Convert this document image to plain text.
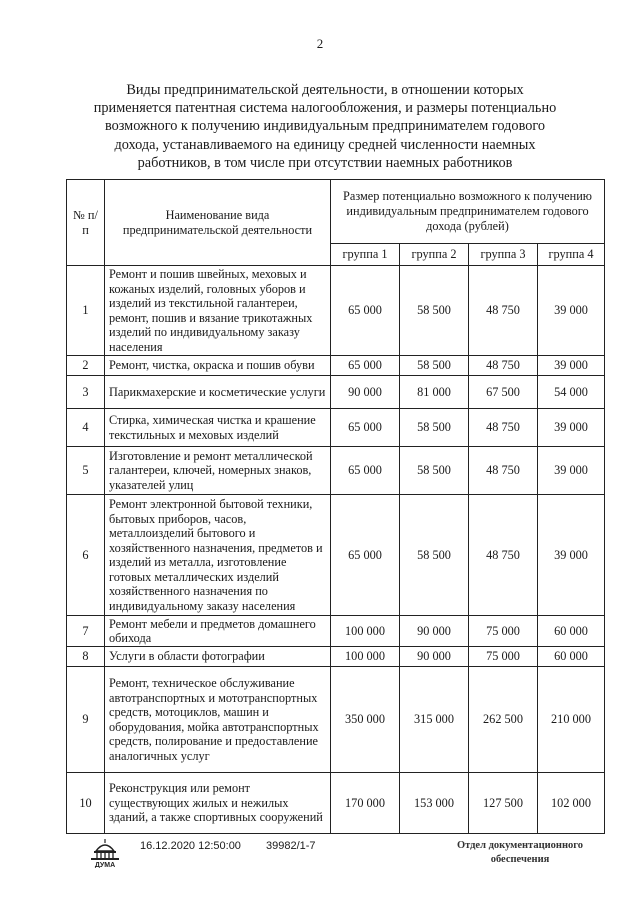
2
Виды предпринимательской деятельности, в отношении которых
применяется патентная система налогообложения, и размеры потенциально
возможного к получению индивидуальным предпринимателем годового
дохода, устанавливаемого на единицу средней численности наемных
работников, в том числе при отсутствии наемных работников
№ п/п	Наименование вида предпринимательской деятельности	Размер потенциально возможного к получению индивидуальным предпринимателем годового дохода (рублей)			
		группа 1	группа 2	группа 3	группа 4
1	Ремонт и пошив швейных, меховых и кожаных изделий, головных уборов и изделий из текстильной галантереи, ремонт, пошив и вязание трикотажных изделий по индивидуальному заказу населения	65 000	58 500	48 750	39 000
2	Ремонт, чистка, окраска и пошив обуви	65 000	58 500	48 750	39 000
3	Парикмахерские и косметические услуги	90 000	81 000	67 500	54 000
4	Стирка, химическая чистка и крашение текстильных и меховых изделий	65 000	58 500	48 750	39 000
5	Изготовление и ремонт металлической галантереи, ключей, номерных знаков, указателей улиц	65 000	58 500	48 750	39 000
6	Ремонт электронной бытовой техники, бытовых приборов, часов, металлоизделий бытового и хозяйственного назначения, предметов и изделий из металла, изготовление готовых металлических изделий хозяйственного назначения по индивидуальному заказу населения	65 000	58 500	48 750	39 000
7	Ремонт мебели и предметов домашнего обихода	100 000	90 000	75 000	60 000
8	Услуги в области фотографии	100 000	90 000	75 000	60 000
9	Ремонт, техническое обслуживание автотранспортных и мототранспортных средств, мотоциклов, машин и оборудования, мойка автотранспортных средств, полирование и предоставление аналогичных услуг	350 000	315 000	262 500	210 000
10	Реконструкция или ремонт существующих жилых и нежилых зданий, а также спортивных сооружений	170 000	153 000	127 500	102 000
ДУМА
16.12.2020 12:50:00 39982/1-7	Отдел документационного
обеспечения
